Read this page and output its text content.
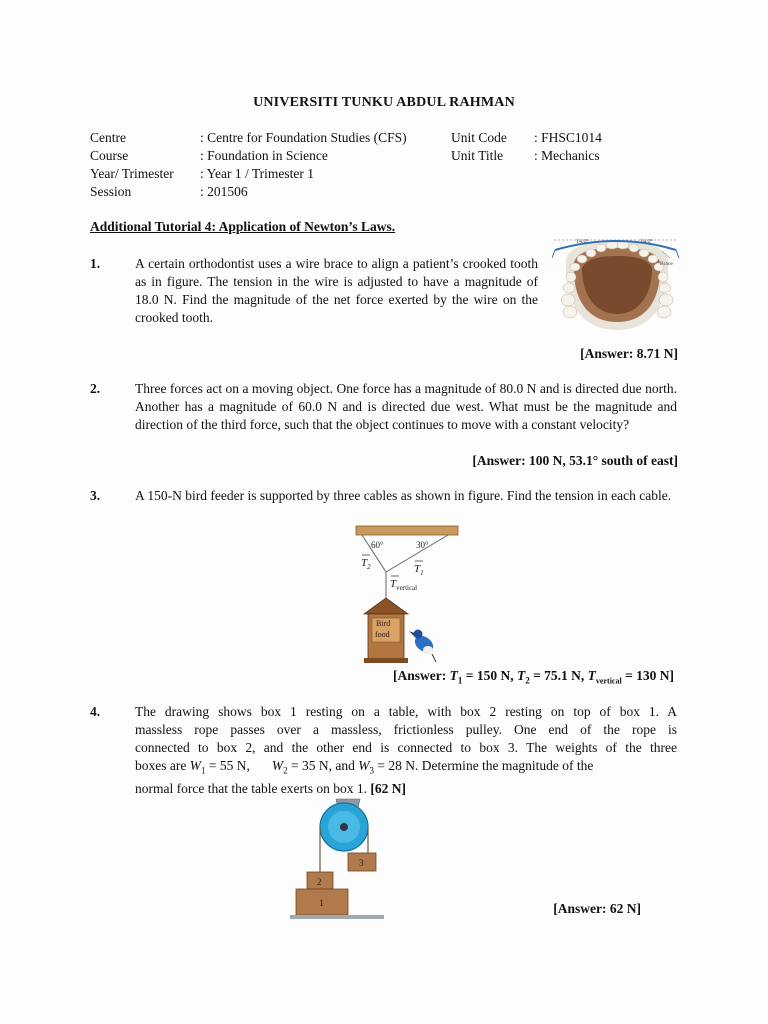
UNIVERSITI TUNKU ABDUL RAHMAN
Centre	: Centre for Foundation Studies (CFS)	Unit Code : FHSC1014
Course	: Foundation in Science	Unit Title : Mechanics
Year/ Trimester : Year 1 / Trimester 1
Session	: 201506
Additional Tutorial 4: Application of Newton’s Laws.
1.	A certain orthodontist uses a wire brace to align a patient’s crooked tooth as in figure. The tension in the wire is adjusted to have a magnitude of 18.0 N. Find the magnitude of the net force exerted by the wire on the crooked tooth.
14.0°	14.0°
Brace
[Answer: 8.71 N]
2.	Three forces act on a moving object. One force has a magnitude of 80.0 N and is directed due north. Another has a magnitude of 60.0 N and is directed due west. What must be the magnitude and direction of the third force, such that the object continues to move with a constant velocity?
[Answer: 100 N, 53.1° south of east]
3.	A 150-N bird feeder is supported by three cables as shown in figure. Find the tension in each cable.
60°	30°
$T_2$	$T_1$
$T_{vertical}$
Bird
food
[Answer: $T_1 = 150$ N, $T_2 = 75.1$ N, $T_{vertical} = 130$ N]
4.	The drawing shows box 1 resting on a table, with box 2 resting on top of box 1. A
massless rope passes over a massless, frictionless pulley. One end of the rope is
connected to box 2, and the other end is connected to box 3. The weights of the three
boxes are $W_1 = 55$ N, $W_2 = 35$ N, and $W_3 = 28$ N. Determine the magnitude of the
normal force that the table exerts on box 1. [62 N]
3
2
1	[Answer: 62 N]
